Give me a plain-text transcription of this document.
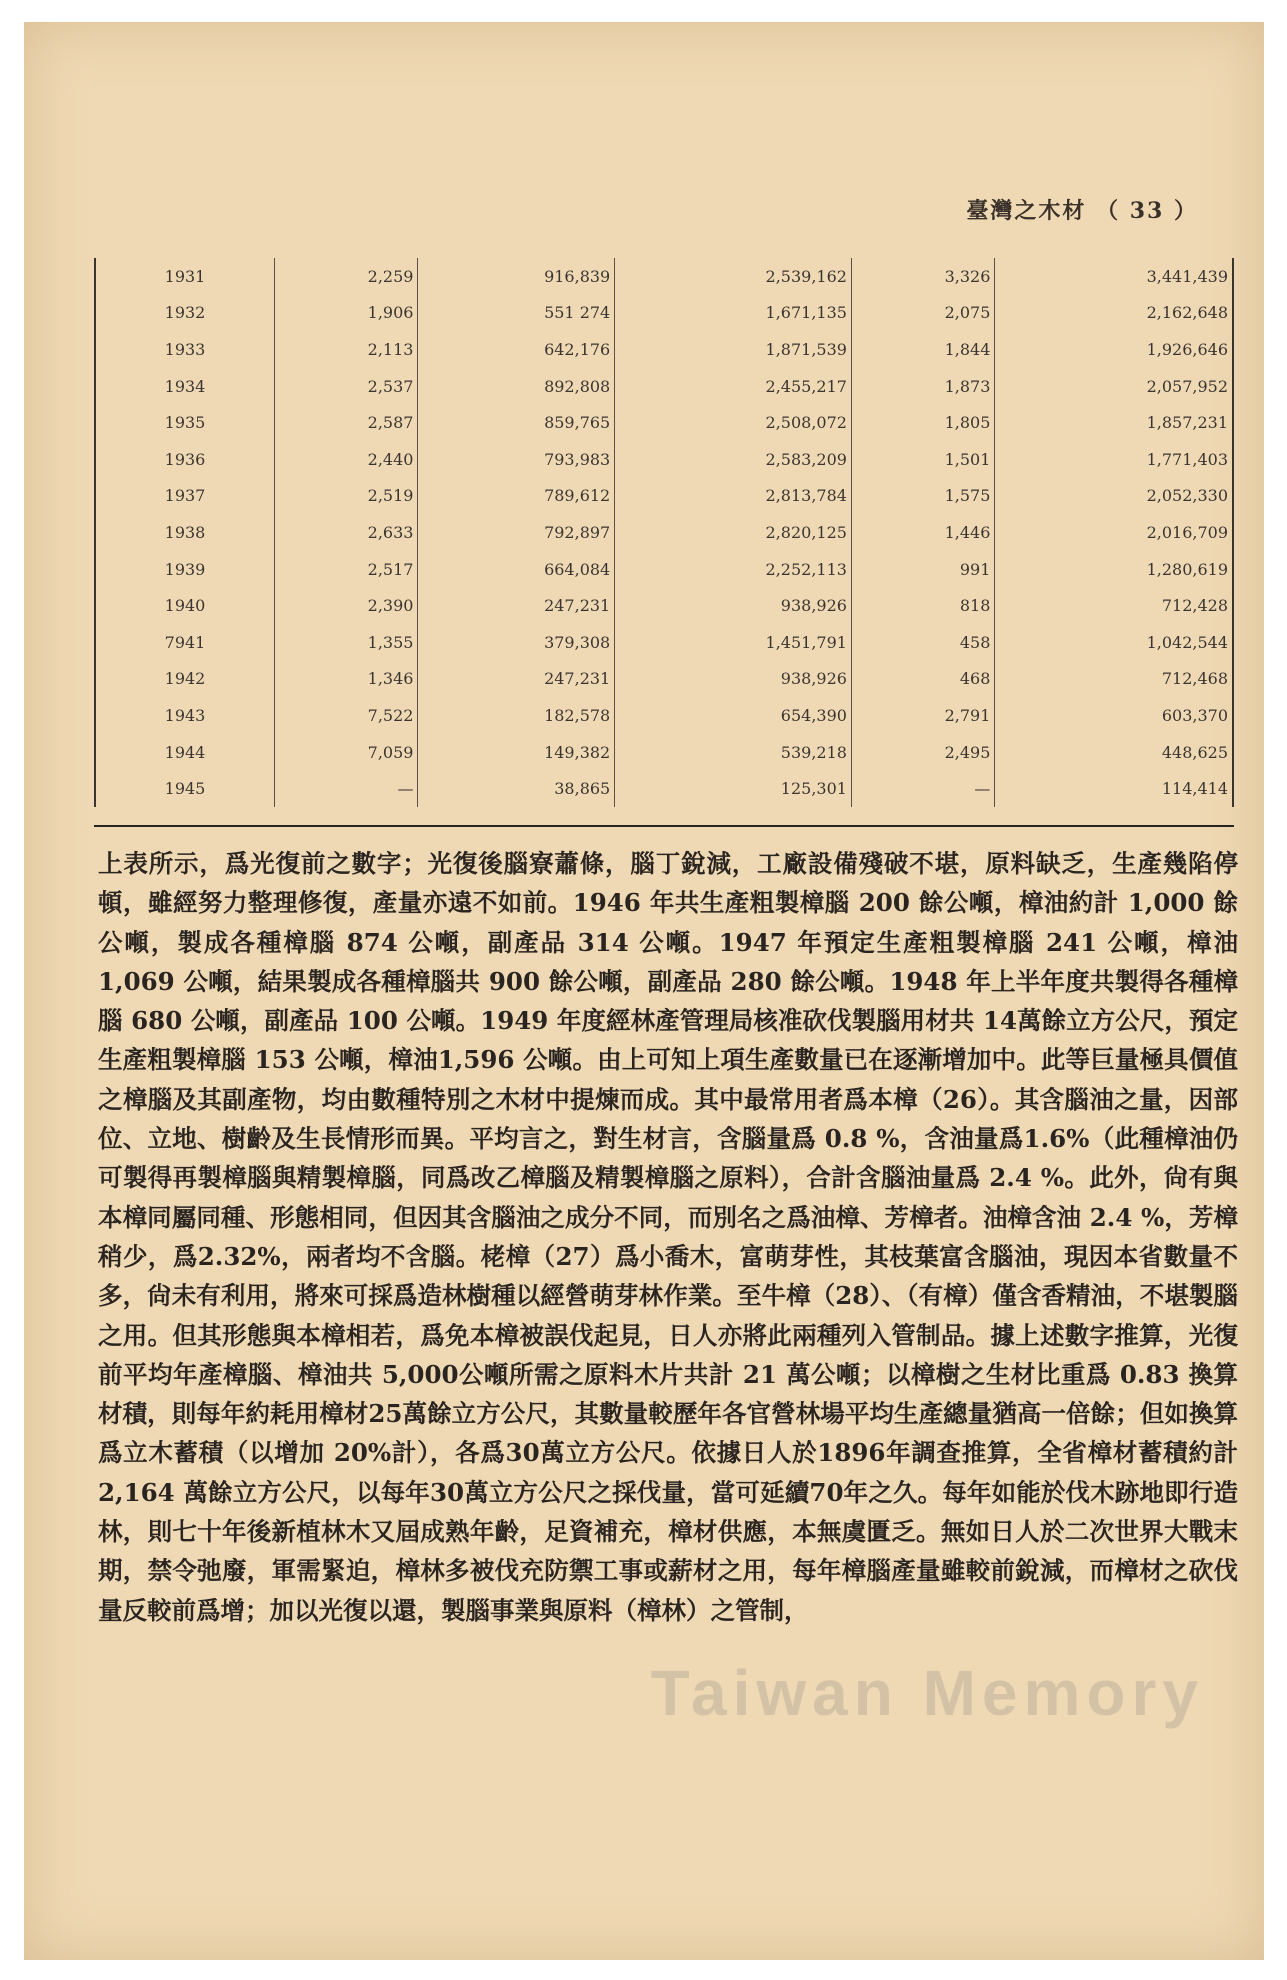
臺灣之木材 （ 33 ）
1931	2,259	916,839	2,539,162	3,326	3,441,439
1932	1,906	551 274	1,671,135	2,075	2,162,648
1933	2,113	642,176	1,871,539	1,844	1,926,646
1934	2,537	892,808	2,455,217	1,873	2,057,952
1935	2,587	859,765	2,508,072	1,805	1,857,231
1936	2,440	793,983	2,583,209	1,501	1,771,403
1937	2,519	789,612	2,813,784	1,575	2,052,330
1938	2,633	792,897	2,820,125	1,446	2,016,709
1939	2,517	664,084	2,252,113	991	1,280,619
1940	2,390	247,231	938,926	818	712,428
7941	1,355	379,308	1,451,791	458	1,042,544
1942	1,346	247,231	938,926	468	712,468
1943	7,522	182,578	654,390	2,791	603,370
1944	7,059	149,382	539,218	2,495	448,625
1945	—	38,865	125,301	—	114,414

上表所示，爲光復前之數字；光復後腦寮蕭條，腦丁銳減，工廠設備殘破不堪，原料缺乏，生產幾陷停頓，雖經努力整理修復，產量亦遠不如前。1946 年共生產粗製樟腦 200 餘公噸，樟油約計 1,000 餘公噸，製成各種樟腦 874 公噸，副產品 314 公噸。1947 年預定生產粗製樟腦 241 公噸，樟油 1,069 公噸，結果製成各種樟腦共 900 餘公噸，副產品 280 餘公噸。1948 年上半年度共製得各種樟腦 680 公噸，副產品 100 公噸。1949 年度經林產管理局核准砍伐製腦用材共 14萬餘立方公尺，預定生產粗製樟腦 153 公噸，樟油1,596 公噸。由上可知上項生產數量已在逐漸增加中。此等巨量極具價值之樟腦及其副產物，均由數種特別之木材中提煉而成。其中最常用者爲本樟（26）。其含腦油之量，因部位、立地、樹齡及生長情形而異。平均言之，對生材言，含腦量爲 0.8 %，含油量爲1.6%（此種樟油仍可製得再製樟腦與精製樟腦，同爲改乙樟腦及精製樟腦之原料），合計含腦油量爲 2.4 %。此外，尙有與本樟同屬同種、形態相同，但因其含腦油之成分不同，而別名之爲油樟、芳樟者。油樟含油 2.4 %，芳樟稍少，爲2.32%，兩者均不含腦。栳樟（27）爲小喬木，富萌芽性，其枝葉富含腦油，現因本省數量不多，尙未有利用，將來可採爲造林樹種以經營萌芽林作業。至牛樟（28）、（有樟）僅含香精油，不堪製腦之用。但其形態與本樟相若，爲免本樟被誤伐起見，日人亦將此兩種列入管制品。據上述數字推算，光復前平均年產樟腦、樟油共 5,000公噸所需之原料木片共計 21 萬公噸；以樟樹之生材比重爲 0.83 換算材積，則每年約耗用樟材25萬餘立方公尺，其數量較歷年各官營林場平均生產總量猶高一倍餘；但如換算爲立木蓄積（以增加 20%計），各爲30萬立方公尺。依據日人於1896年調查推算，全省樟材蓄積約計 2,164 萬餘立方公尺，以每年30萬立方公尺之採伐量，當可延續70年之久。每年如能於伐木跡地即行造林，則七十年後新植林木又屆成熟年齡，足資補充，樟材供應，本無虞匱乏。無如日人於二次世界大戰末期，禁令弛廢，軍需緊迫，樟林多被伐充防禦工事或薪材之用，每年樟腦產量雖較前銳減，而樟材之砍伐量反較前爲增；加以光復以還，製腦事業與原料（樟林）之管制，

Taiwan Memory
